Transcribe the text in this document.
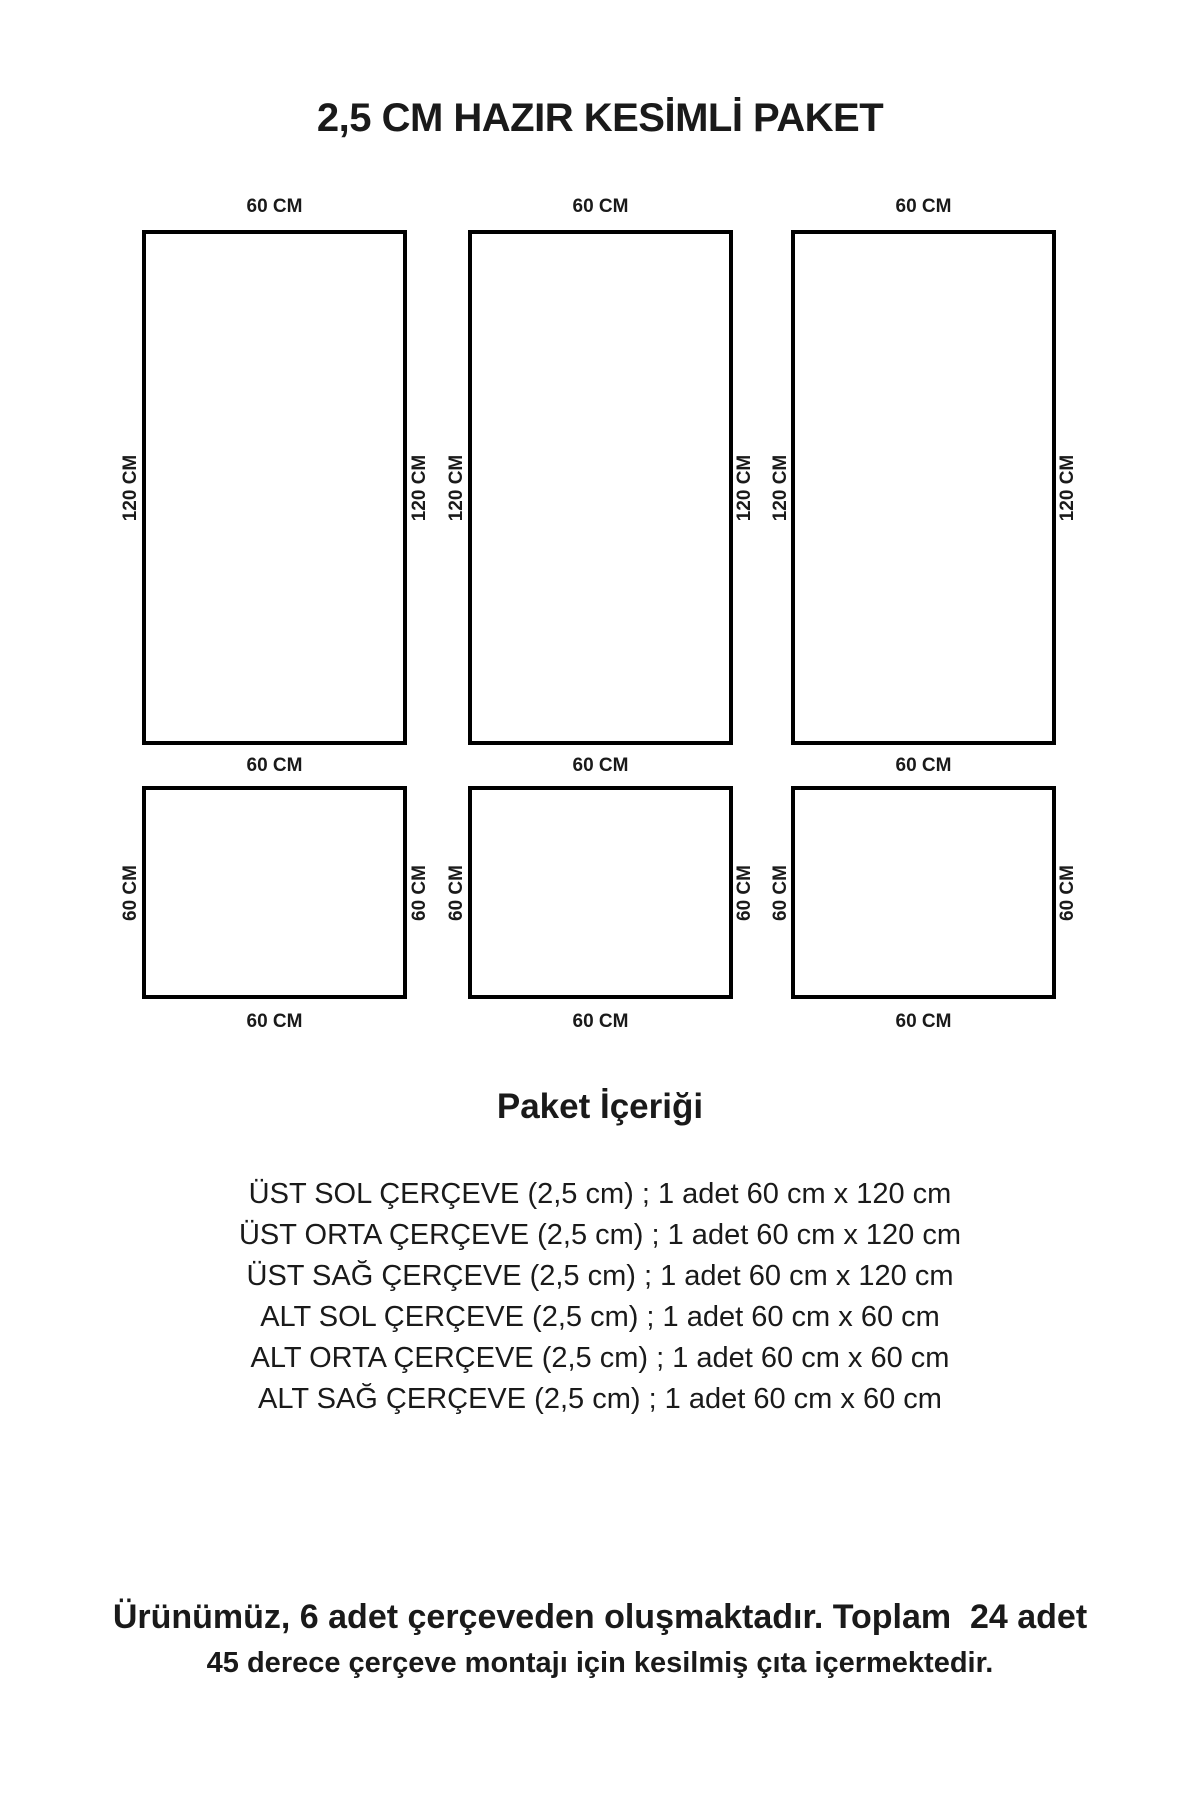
2,5 CM HAZIR KESİMLİ PAKET
60 CM	60 CM	60 CM
120 CM	120 CM 120 CM	120 CM 120 CM	120 CM
60 CM	60 CM	60 CM
60 CM	60 CM 60 CM	60 CM 60 CM	60 CM
60 CM	60 CM	60 CM
Paket İçeriği

ÜST SOL ÇERÇEVE (2,5 cm) ; 1 adet 60 cm x 120 cm

ÜST ORTA ÇERÇEVE (2,5 cm) ; 1 adet 60 cm x 120 cm

ÜST SAĞ ÇERÇEVE (2,5 cm) ; 1 adet 60 cm x 120 cm

ALT SOL ÇERÇEVE (2,5 cm) ; 1 adet 60 cm x 60 cm

ALT ORTA ÇERÇEVE (2,5 cm) ; 1 adet 60 cm x 60 cm

ALT SAĞ ÇERÇEVE (2,5 cm) ; 1 adet 60 cm x 60 cm

Ürünümüz, 6 adet çerçeveden oluşmaktadır. Toplam  24 adet
45 derece çerçeve montajı için kesilmiş çıta içermektedir.
